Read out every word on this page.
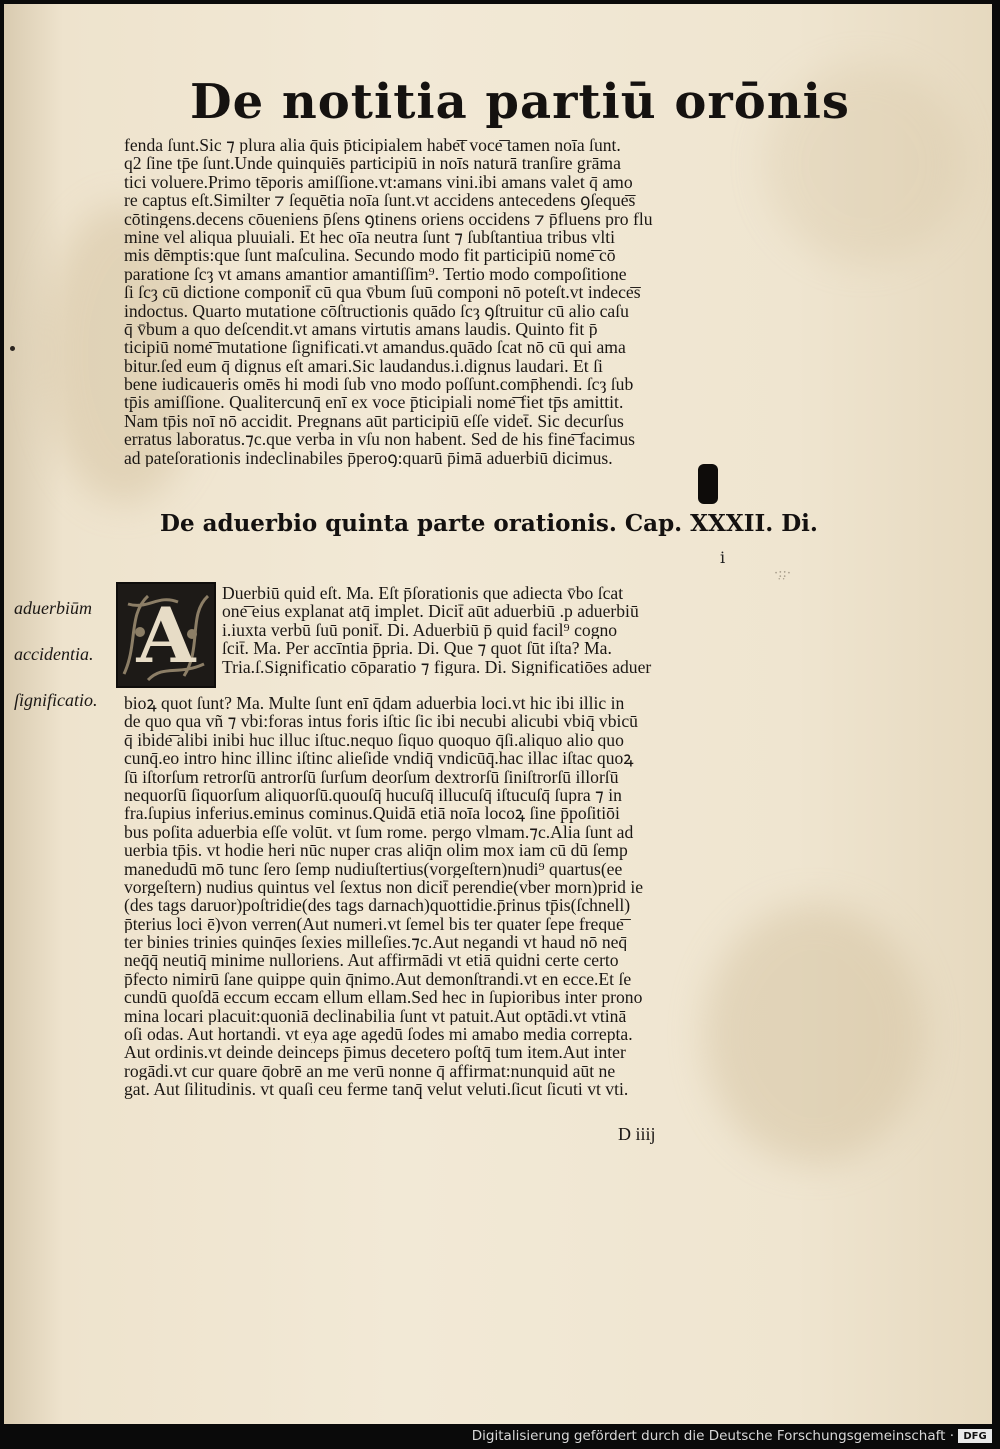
De notitia partiū orōnis
fenda ſunt.Sic ⁊ plura alia q̄uis p̄ticipialem habe͞t voce͞ tamen noīa ſunt.
q2 ſine tp̄e ſunt.Unde quinquiēs participiū in noīs naturā tranſire grāma
tici voluere.Primo tēporis amiſſione.vt:amans vini.ibi amans valet q̄ amo
re captus eſt.Similter ⁊ ſequētia noīa ſunt.vt accidens antecedens ꝯſeque͞s
cōtingens.decens cōueniens p̄ſens ꝯtinens oriens occidens ⁊ p̄fluens pro flu
mine vel aliqua pluuiali. Et hec oīa neutra ſunt ⁊ ſubſtantiua tribus vlti
mis dēmptis:que ſunt maſculina. Secundo modo fit participiū nome͞ cō
paratione ſcȝ vt amans amantior amantiſſim⁹. Tertio modo compoſitione
ſi ſcȝ cū dictione componit̄ cū qua v̄bum ſuū componi nō poteſt.vt indece͞s
indoctus. Quarto mutatione cōſtructionis quādo ſcȝ ꝯſtruitur cū alio caſu
q̄ v̄bum a quo deſcendit.vt amans virtutis amans laudis. Quinto fit p̄
ticipiū nome͞ mutatione ſignificati.vt amandus.quādo ſcat nō cū qui ama
bitur.ſed eum q̄ dignus eſt amari.Sic laudandus.i.dignus laudari. Et ſi
bene iudicaueris omēs hi modi ſub vno modo poſſunt.comp̄hendi. ſcȝ ſub
tp̄is amiſſione. Qualitercunq̄ enī ex voce p̄ticipiali nome͞ fiet tp̄s amittit.
Nam tp̄is noī nō accidit. Pregnans aūt participiū eſſe videt̄. Sic decurſus
erratus laboratus.⁊c.que verba in vſu non habent. Sed de his fine͞ facimus
ad pateſorationis indeclinabiles p̄peroꝯ:quarū p̄imā aduerbiū dicimus.
De aduerbio quinta parte orationis. Cap. XXXII. Di.
i
·:̣:̣·
aduerbiūm
accidentia.
ſignificatio.
A	Duerbiū quid eſt. Ma. Eſt p̄ſorationis que adiecta v̄bo ſcat
one͞ eius explanat atq̄ implet. Dicit̄ aūt aduerbiū .p aduerbiū
i.iuxta verbū ſuū ponit̄. Di. Aduerbiū p̄ quid facil⁹ cogno
ſcit̄. Ma. Per accīntia p̄pria. Di. Que ⁊ quot ſūt iſta? Ma.
Tria.ſ.Significatio cōparatio ⁊ figura. Di. Significatiōes aduer
bioꝝ quot ſunt? Ma. Multe ſunt enī q̄dam aduerbia loci.vt hic ibi illic in
de quo qua vñ ⁊ vbi:foras intus foris iſtic ſic ibi necubi alicubi vbiq̄ vbicū
q̄ ibide͞ alibi inibi huc illuc iſtuc.nequo ſiquo quoquo q̄ſi.aliquo alio quo
cunq̄.eo intro hinc illinc iſtinc alieſide vndiq̄ vndicūq̄.hac illac iſtac quoꝝ
ſū iſtorſum retrorſū antrorſū ſurſum deorſum dextrorſū ſiniſtrorſū illorſū
nequorſū ſiquorſum aliquorſū.quouſq̄ hucuſq̄ illucuſq̄ iſtucuſq̄ ſupra ⁊ in
fra.ſupius inferius.eminus cominus.Quidā etiā noīa locoꝝ ſine p̄poſitiōi
bus poſita aduerbia eſſe volūt. vt ſum rome. pergo vlmam.⁊c.Alia ſunt ad
uerbia tp̄is. vt hodie heri nūc nuper cras aliq̄n olim mox iam cū dū ſemp
manedudū mō tunc ſero ſemp nudiuſtertius(vorgeſtern)nudi⁹ quartus(ee
vorgeſtern) nudius quintus vel ſextus non dicit̄ perendie(vber morn)prid ie
(des tags daruor)poſtridie(des tags darnach)quottidie.p̄rinus tp̄is(ſchnell)
p̄terius loci ē)von verren(Aut numeri.vt ſemel bis ter quater ſepe freque͞
ter binies trinies quinq̄es ſexies milleſies.⁊c.Aut negandi vt haud nō neq̄
neq̄q̄ neutiq̄ minime nulloriens. Aut affirmādi vt etiā quidni certe certo
p̄fecto nimirū ſane quippe quin q̄nimo.Aut demonſtrandi.vt en ecce.Et ſe
cundū quoſdā eccum eccam ellum ellam.Sed hec in ſupioribus inter prono
mina locari placuit:quoniā declinabilia ſunt vt patuit.Aut optādi.vt vtinā
oſi odas. Aut hortandi. vt eya age agedū ſodes mi amabo media correpta.
Aut ordinis.vt deinde deinceps p̄imus decetero poſtq̄ tum item.Aut inter
rogādi.vt cur quare q̄obrē an me verū nonne q̄ affirmat:nunquid aūt ne
gat. Aut ſilitudinis. vt quaſi ceu ferme tanq̄ velut veluti.ſicut ſicuti vt vti.
D iiij
Digitalisierung gefördert durch die Deutsche Forschungsgemeinschaft · DFG
